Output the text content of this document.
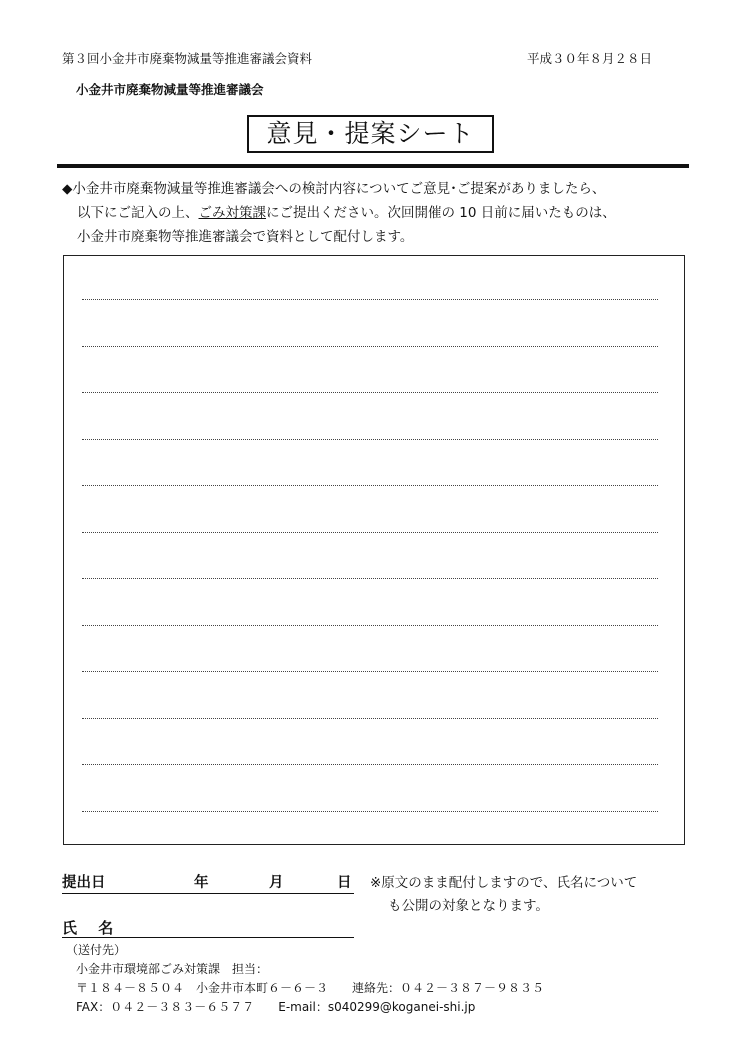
第３回小金井市廃棄物減量等推進審議会資料	平成３０年８月２８日
小金井市廃棄物減量等推進審議会
意見・提案シート
◆小金井市廃棄物減量等推進審議会への検討内容についてご意見･ご提案がありましたら、
以下にご記入の上、ごみ対策課にご提出ください。次回開催の 10 日前に届いたものは、
小金井市廃棄物等推進審議会で資料として配付します。
提出日	年	月	日 ※原文のまま配付しますので、氏名について
も公開の対象となります。
氏 名
（送付先）
小金井市環境部ごみ対策課　担当：
〒１８４－８５０４　小金井市本町６－６－３　　連絡先：０４２－３８７－９８３５
FAX：０４２－３８３－６５７７　　E-mail：s040299@koganei-shi.jp
